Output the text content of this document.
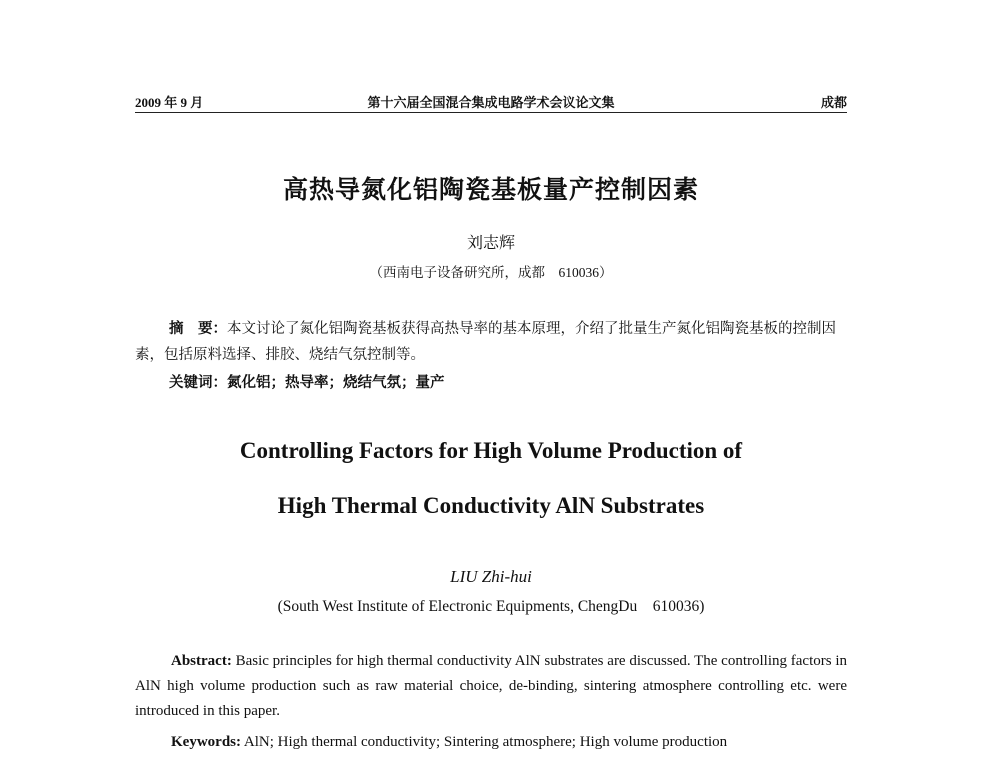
第十六届全国混合集成电路学术会议论文集
2009 年 9 月	成都
高热导氮化铝陶瓷基板量产控制因素
刘志辉
（西南电子设备研究所，成都　610036）
摘　要：本文讨论了氮化铝陶瓷基板获得高热导率的基本原理，介绍了批量生产氮化铝陶瓷基板的控制因素，包括原料选择、排胶、烧结气氛控制等。
关键词：氮化铝；热导率；烧结气氛；量产
Controlling Factors for High Volume Production of
High Thermal Conductivity AlN Substrates
LIU Zhi-hui
(South West Institute of Electronic Equipments, ChengDu　610036)
Abstract: Basic principles for high thermal conductivity AlN substrates are discussed. The controlling factors in AlN high volume production such as raw material choice, de-binding, sintering atmosphere controlling etc. were introduced in this paper.
Keywords: AlN; High thermal conductivity; Sintering atmosphere; High volume production
